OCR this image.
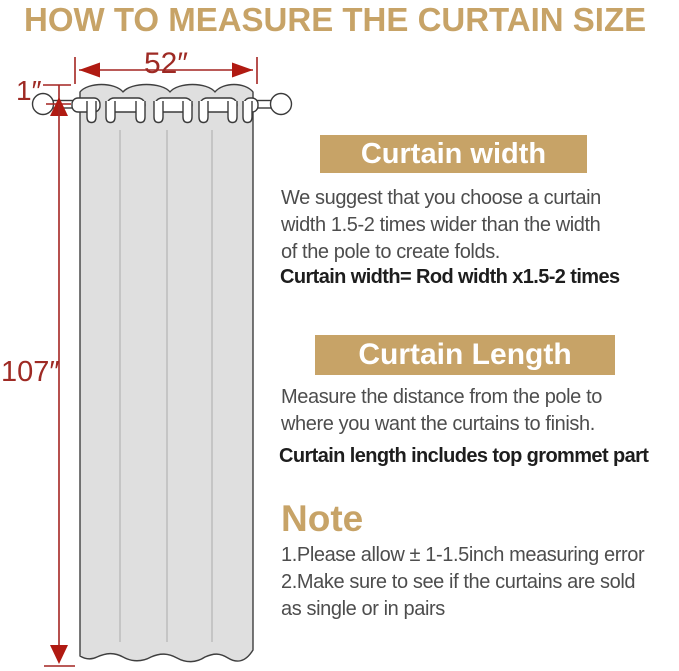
HOW TO MEASURE THE CURTAIN SIZE
52″
1″
107″
Curtain width
We suggest that you choose a curtain
width 1.5-2 times wider than the width
of the pole to create folds.
Curtain width= Rod width x1.5-2 times
Curtain Length
Measure the distance from the pole to
where you want the curtains to finish.
Curtain length includes top grommet part
Note
1.Please allow ± 1-1.5inch measuring error
2.Make sure to see if the curtains are sold
as single or in pairs
